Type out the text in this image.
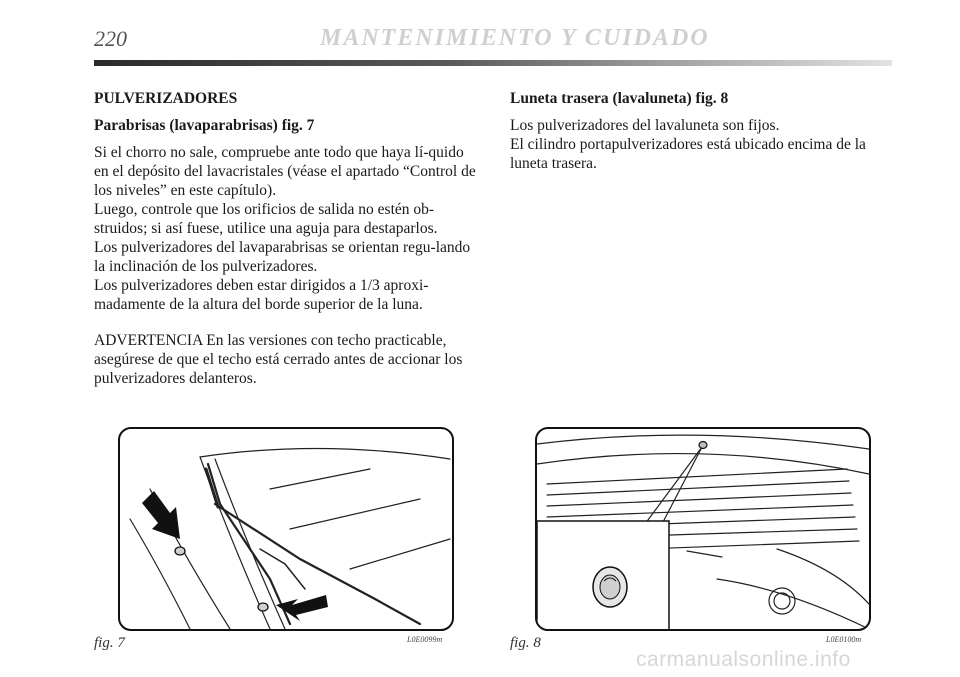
220	MANTENIMIENTO Y CUIDADO

PULVERIZADORES

Parabrisas (lavaparabrisas) fig. 7

Si el chorro no sale, compruebe ante todo que haya lí-quido en el depósito del lavacristales (véase el apartado “Control de los niveles” en este capítulo).
Luego, controle que los orificios de salida no estén ob-struidos; si así fuese, utilice una aguja para destaparlos.
Los pulverizadores del lavaparabrisas se orientan regu-lando la inclinación de los pulverizadores.
Los pulverizadores deben estar dirigidos a 1/3 aproxi-madamente de la altura del borde superior de la luna.
ADVERTENCIA En las versiones con techo practicable, asegúrese de que el techo está cerrado antes de accionar los pulverizadores delanteros.

Luneta trasera (lavaluneta) fig. 8

Los pulverizadores del lavaluneta son fijos.
El cilindro portapulverizadores está ubicado encima de la luneta trasera.
fig. 7	L0E0099m	fig. 8	L0E0100m
carmanualsonline.info
